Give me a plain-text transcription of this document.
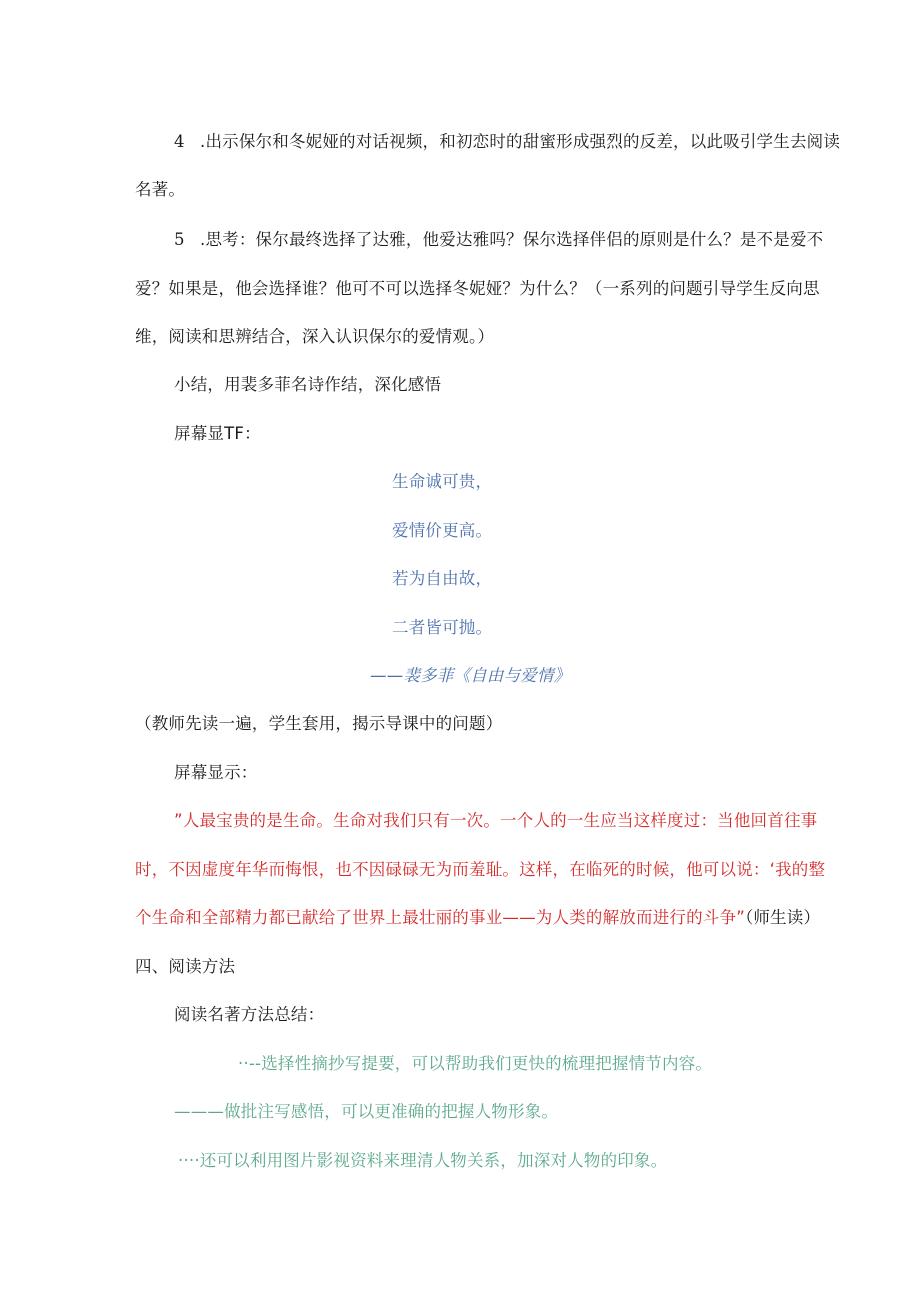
4 .出示保尔和冬妮娅的对话视频，和初恋时的甜蜜形成强烈的反差，以此吸引学生去阅读
名著。
5 .思考：保尔最终选择了达雅，他爱达雅吗？保尔选择伴侣的原则是什么？是不是爱不
爱？如果是，他会选择谁？他可不可以选择冬妮娅？为什么？（一系列的问题引导学生反向思
维，阅读和思辨结合，深入认识保尔的爱情观。）
小结，用裴多菲名诗作结，深化感悟
屏幕显TF：
生命诚可贵，
爱情价更高。
若为自由故，
二者皆可抛。
——裴多菲《自由与爱情》
（教师先读一遍，学生套用，揭示导课中的问题）
屏幕显示：
”人最宝贵的是生命。生命对我们只有一次。一个人的一生应当这样度过：当他回首往事
时，不因虚度年华而悔恨，也不因碌碌无为而羞耻。这样，在临死的时候，他可以说：‘我的整
个生命和全部精力都已献给了世界上最壮丽的事业——为人类的解放而进行的斗争”（师生读）
四、阅读方法
阅读名著方法总结：
··--选择性摘抄写提要，可以帮助我们更快的梳理把握情节内容。
———做批注写感悟，可以更准确的把握人物形象。
····还可以利用图片影视资料来理清人物关系，加深对人物的印象。
